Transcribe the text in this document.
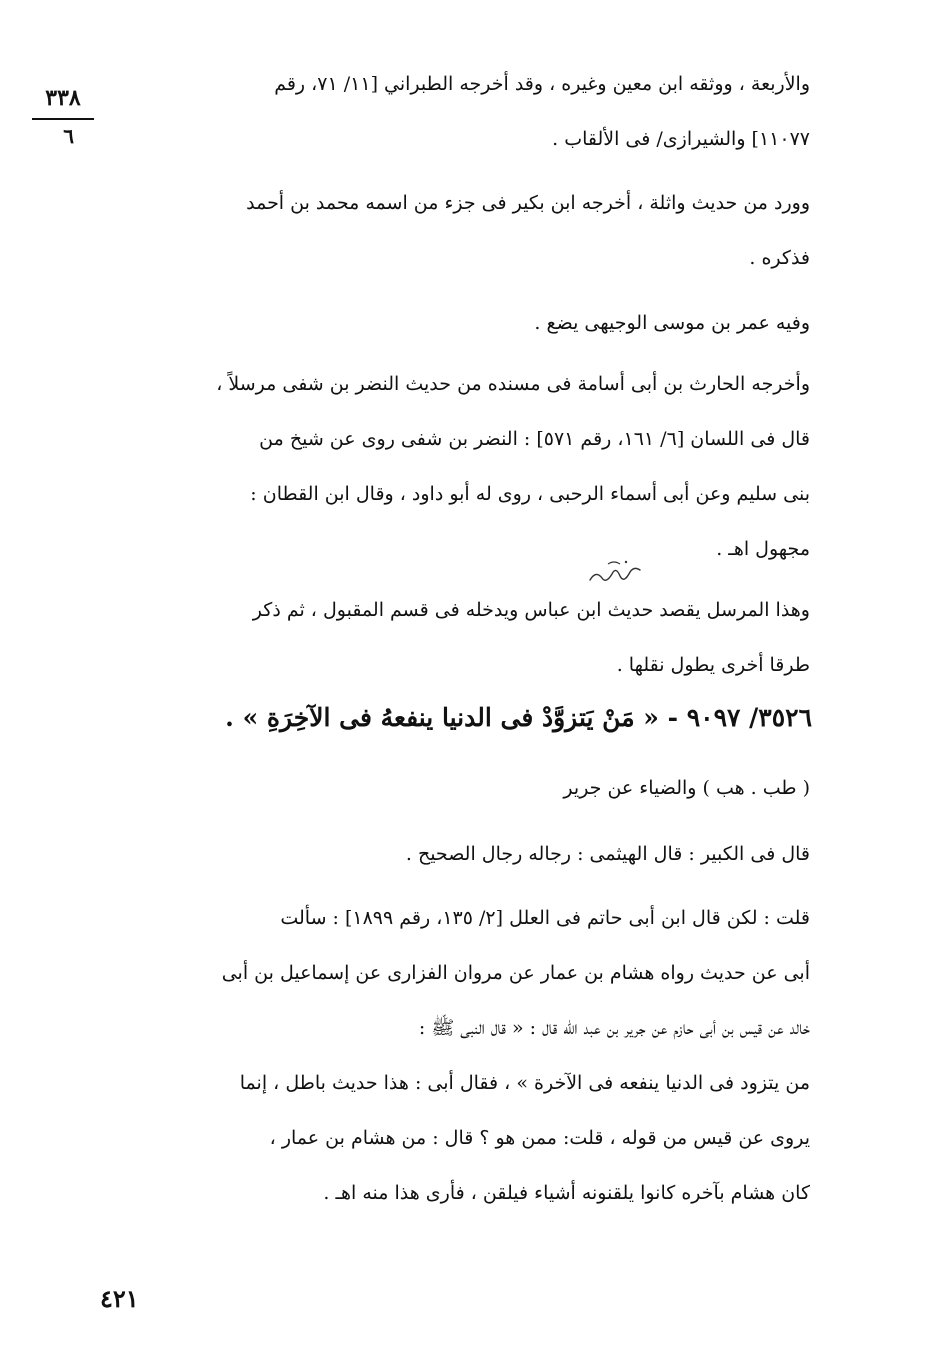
٣٣٨
٦
والأربعة ، ووثقه ابن معين وغيره ، وقد أخرجه الطبراني [١١/ ٧١، رقم
١١٠٧٧] والشيرازى/ فى الألقاب .
وورد من حديث واثلة ، أخرجه ابن بكير فى جزء من اسمه محمد بن أحمد
فذكره .
وفيه عمر بن موسى الوجيهى يضع .
وأخرجه الحارث بن أبى أسامة فى مسنده من حديث النضر بن شفى مرسلاً ،
قال فى اللسان [٦/ ١٦١، رقم ٥٧١] : النضر بن شفى روى عن شيخ من
بنى سليم وعن أبى أسماء الرحبى ، روى له أبو داود ، وقال ابن القطان :
مجهول اهـ .
وهذا المرسل يقصد حديث ابن عباس ويدخله فى قسم المقبول ، ثم ذكر
طرقا أخرى يطول نقلها .
٣٥٢٦/ ٩٠٩٧ - « مَنْ يَتزوَّدْ فى الدنيا ينفعهُ فى الآخِرَةِ » .
( طب . هب ) والضياء عن جرير
قال فى الكبير : قال الهيثمى : رجاله رجال الصحيح .
قلت : لكن قال ابن أبى حاتم فى العلل [٢/ ١٣٥، رقم ١٨٩٩] : سألت
أبى عن حديث رواه هشام بن عمار عن مروان الفزارى عن إسماعيل بن أبى
خالد عن قيس بن أبى حازم عن جرير بن عبد الله قال : « قال النبى ﷺ :
من يتزود فى الدنيا ينفعه فى الآخرة » ، فقال أبى : هذا حديث باطل ، إنما
يروى عن قيس من قوله ، قلت: ممن هو ؟ قال : من هشام بن عمار ،
كان هشام بآخره كانوا يلقنونه أشياء فيلقن ، فأرى هذا منه اهـ .
٤٢١
